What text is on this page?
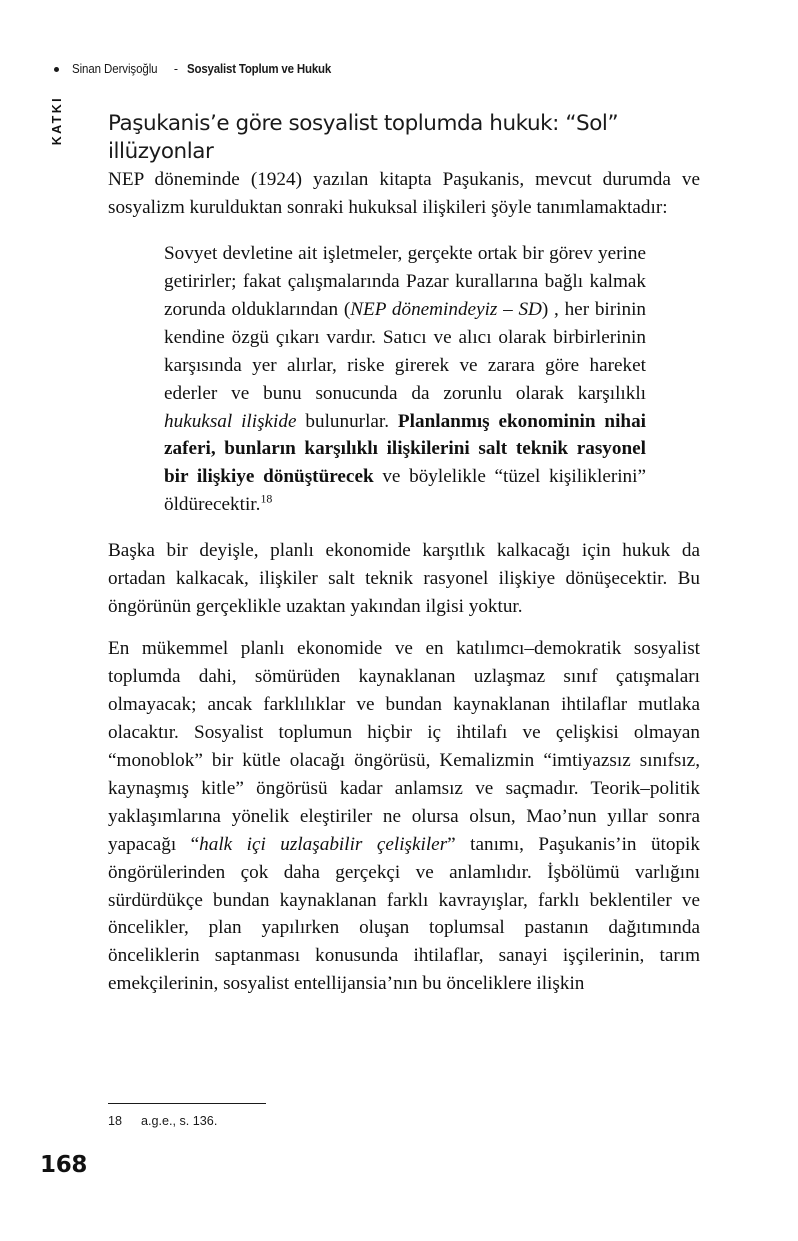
Sinan Dervişoğlu - Sosyalist Toplum ve Hukuk
KATKI Paşukanis’e göre sosyalist toplumda hukuk: “Sol” illüzyonlar

NEP döneminde (1924) yazılan kitapta Paşukanis, mevcut durumda ve sosyalizm kurulduktan sonraki hukuksal ilişkileri şöyle tanımlamaktadır:

Sovyet devletine ait işletmeler, gerçekte ortak bir görev yerine getirirler; fakat çalışmalarında Pazar kurallarına bağlı kalmak zorunda olduklarından (NEP dönemindeyiz – SD) , her birinin kendine özgü çıkarı vardır. Satıcı ve alıcı olarak birbirlerinin karşısında yer alırlar, riske girerek ve zarara göre hareket ederler ve bunu sonucunda da zorunlu olarak karşılıklı hukuksal ilişkide bulunurlar. Planlanmış ekonominin nihai zaferi, bunların karşılıklı ilişkilerini salt teknik rasyonel bir ilişkiye dönüştürecek ve böylelikle “tüzel kişiliklerini” öldürecektir.$^{18}$

Başka bir deyişle, planlı ekonomide karşıtlık kalkacağı için hukuk da ortadan kalkacak, ilişkiler salt teknik rasyonel ilişkiye dönüşecektir. Bu öngörünün gerçeklikle uzaktan yakından ilgisi yoktur.

En mükemmel planlı ekonomide ve en katılımcı–demokratik sosyalist toplumda dahi, sömürüden kaynaklanan uzlaşmaz sınıf çatışmaları olmayacak; ancak farklılıklar ve bundan kaynaklanan ihtilaflar mutlaka olacaktır. Sosyalist toplumun hiçbir iç ihtilafı ve çelişkisi olmayan “monoblok” bir kütle olacağı öngörüsü, Kemalizmin “imtiyazsız sınıfsız, kaynaşmış kitle” öngörüsü kadar anlamsız ve saçmadır. Teorik–politik yaklaşımlarına yönelik eleştiriler ne olursa olsun, Mao’nun yıllar sonra yapacağı “halk içi uzlaşabilir çelişkiler” tanımı, Paşukanis’in ütopik öngörülerinden çok daha gerçekçi ve anlamlıdır. İşbölümü varlığını sürdürdükçe bundan kaynaklanan farklı kavrayışlar, farklı beklentiler ve öncelikler, plan yapılırken oluşan toplumsal pastanın dağıtımında önceliklerin saptanması konusunda ihtilaflar, sanayi işçilerinin, tarım emekçilerinin, sosyalist entellijansia’nın bu önceliklere ilişkin

18	a.g.e., s. 136.
168
